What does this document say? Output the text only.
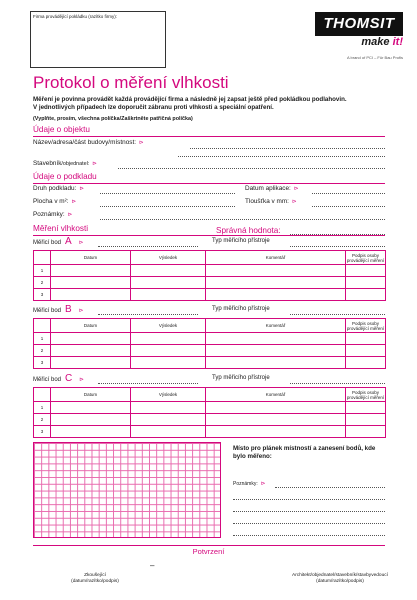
Firma provádějící pokládku (razítko firmy):	THOMSIT
make it!
A brand of PCI – Für Bau Profis
Protokol o měření vlhkosti
Měření je povinna provádět každá provádějící firma a následně jej zapsat ještě před pokládkou podlahovin.
V jednotlivých případech lze doporučit zábranu proti vlhkosti a speciální opatření.
(Vyplňte, prosím, všechna políčka/Zaškrtněte patřičná políčka)
Údaje o objektu
Název/adresa/část budovy/místnost: ⊳
Stavebník/objednatel: ⊳
Údaje o podkladu
Druh podkladu: ⊳	Datum aplikace: ⊳
Plocha v m²: ⊳	Tloušťka v mm: ⊳
Poznámky: ⊳
Měření vlhkosti	Správná hodnota:
Měřicí bod A ⊳	Typ měřicího přístroje
	Datum	Výsledek	Komentář	Podpis osoby provádějící měření
1				
2				
3				
Měřicí bod B ⊳	Typ měřicího přístroje
	Datum	Výsledek	Komentář	Podpis osoby provádějící měření
1				
2				
3				
Měřicí bod C ⊳	Typ měřicího přístroje
	Datum	Výsledek	Komentář	Podpis osoby provádějící měření
1				
2				
3				
Místo pro plánek místností a zanesení bodů, kde bylo měřeno:
Poznámky: ⊳
Potvrzení
–
Zkoušející
(datum/razítko/podpis)
Architekt/objednatel/stavebník/stavbyvedoucí
(datum/razítko/podpis)
